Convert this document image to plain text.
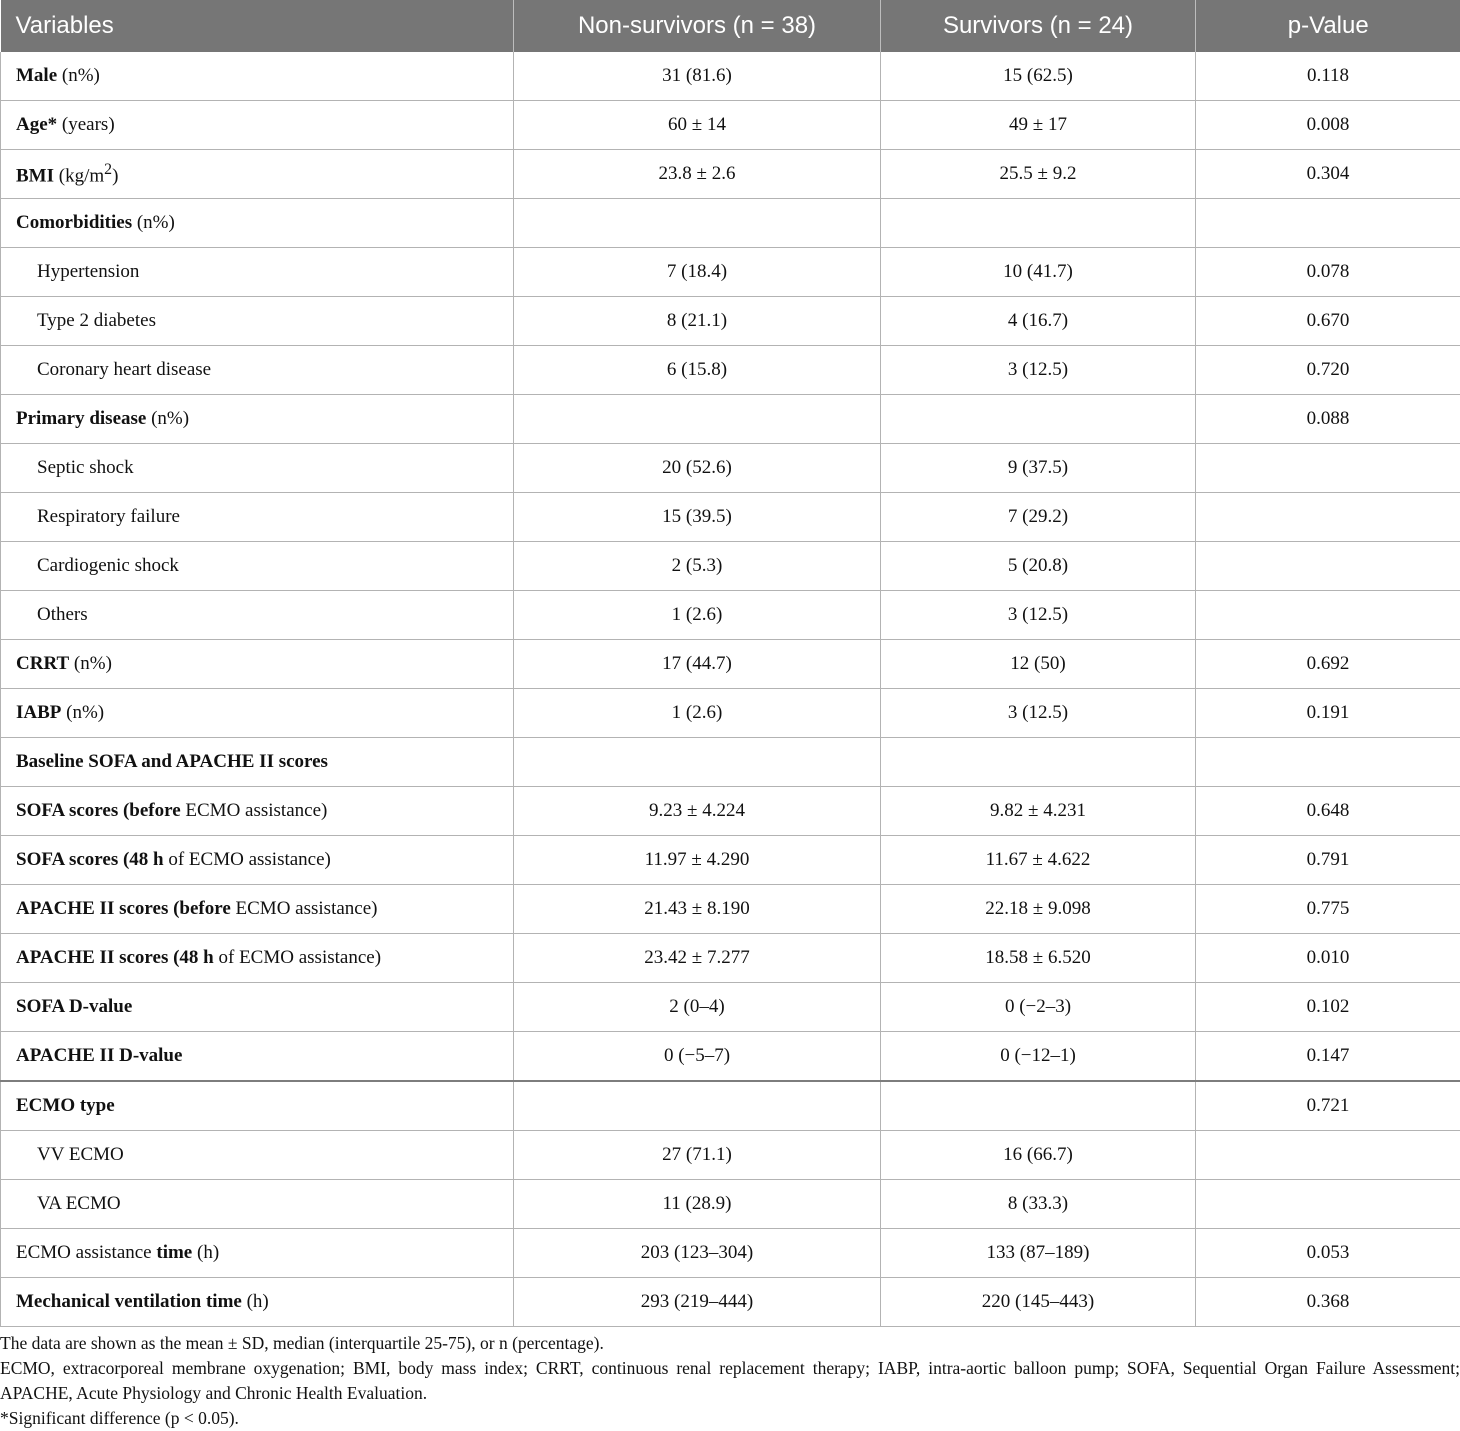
Variables	Non-survivors (n = 38)	Survivors (n = 24)	p-Value
Male (n%)	31 (81.6)	15 (62.5)	0.118
Age* (years)	60 ± 14	49 ± 17	0.008
BMI $(kg/m^2)$	23.8 ± 2.6	25.5 ± 9.2	0.304
Comorbidities (n%)			
Hypertension	7 (18.4)	10 (41.7)	0.078
Type 2 diabetes	8 (21.1)	4 (16.7)	0.670
Coronary heart disease	6 (15.8)	3 (12.5)	0.720
Primary disease (n%)			0.088
Septic shock	20 (52.6)	9 (37.5)	
Respiratory failure	15 (39.5)	7 (29.2)	
Cardiogenic shock	2 (5.3)	5 (20.8)	
Others	1 (2.6)	3 (12.5)	
CRRT (n%)	17 (44.7)	12 (50)	0.692
IABP (n%)	1 (2.6)	3 (12.5)	0.191
Baseline SOFA and APACHE II scores			
SOFA scores (before ECMO assistance)	9.23 ± 4.224	9.82 ± 4.231	0.648
SOFA scores (48 h of ECMO assistance)	11.97 ± 4.290	11.67 ± 4.622	0.791
APACHE II scores (before ECMO assistance)	21.43 ± 8.190	22.18 ± 9.098	0.775
APACHE II scores (48 h of ECMO assistance)	23.42 ± 7.277	18.58 ± 6.520	0.010
SOFA D-value	2 (0–4)	0 (−2–3)	0.102
APACHE II D-value	0 (−5–7)	0 (−12–1)	0.147
ECMO type			0.721
VV ECMO	27 (71.1)	16 (66.7)	
VA ECMO	11 (28.9)	8 (33.3)	
ECMO assistance time (h)	203 (123–304)	133 (87–189)	0.053
Mechanical ventilation time (h)	293 (219–444)	220 (145–443)	0.368

The data are shown as the mean ± SD, median (interquartile 25-75), or n (percentage).

ECMO, extracorporeal membrane oxygenation; BMI, body mass index; CRRT, continuous renal replacement therapy; IABP, intra-aortic balloon pump; SOFA, Sequential Organ Failure Assessment; APACHE, Acute Physiology and Chronic Health Evaluation.

*Significant difference (p < 0.05).
